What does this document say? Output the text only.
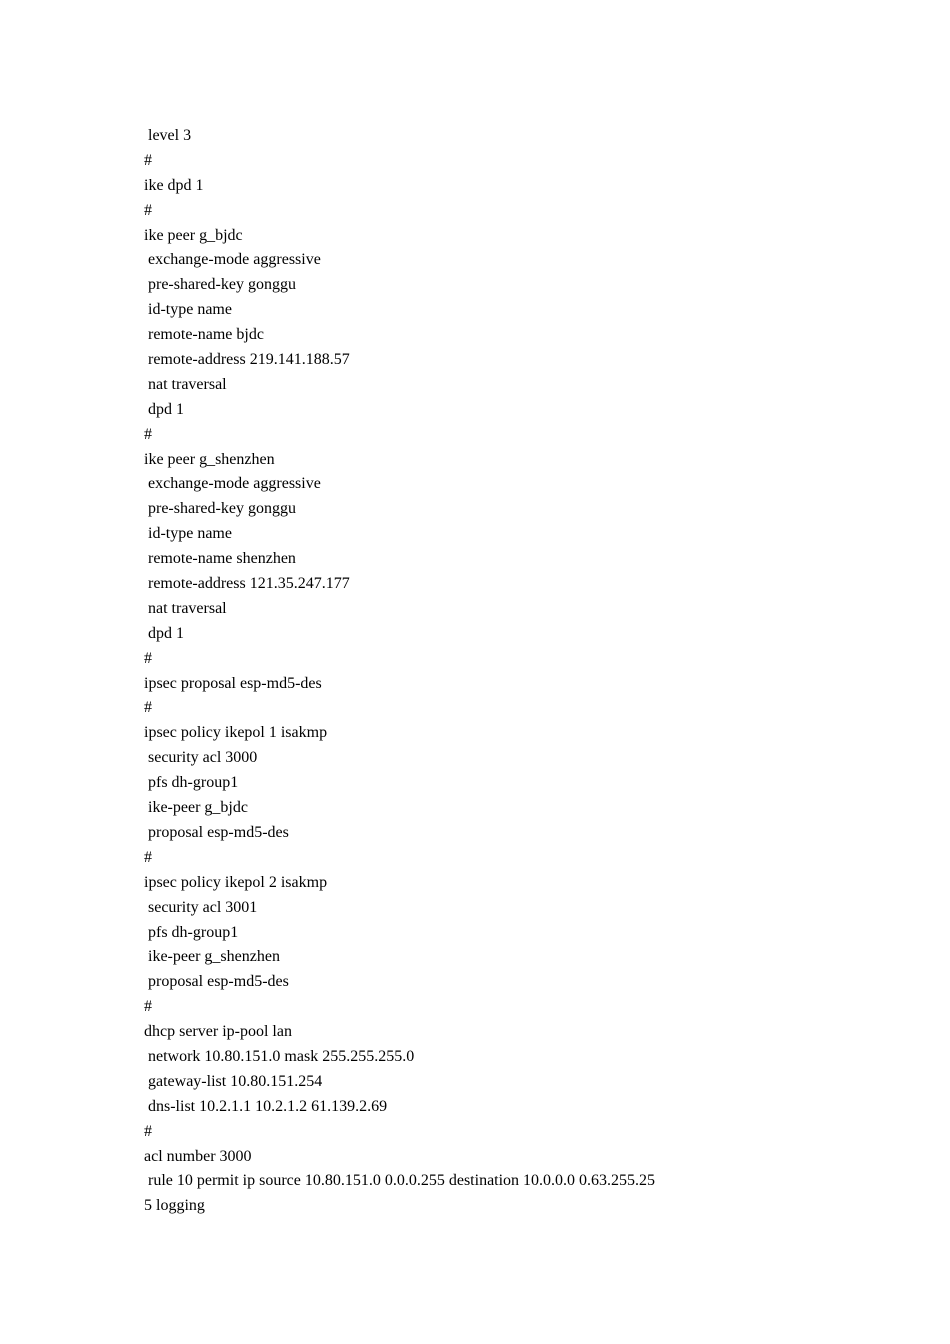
level 3
#
ike dpd 1
#
ike peer g_bjdc
exchange-mode aggressive
pre-shared-key gonggu
id-type name
remote-name bjdc
remote-address 219.141.188.57
nat traversal
dpd 1
#
ike peer g_shenzhen
exchange-mode aggressive
pre-shared-key gonggu
id-type name
remote-name shenzhen
remote-address 121.35.247.177
nat traversal
dpd 1
#
ipsec proposal esp-md5-des
#
ipsec policy ikepol 1 isakmp
security acl 3000
pfs dh-group1
ike-peer g_bjdc
proposal esp-md5-des
#
ipsec policy ikepol 2 isakmp
security acl 3001
pfs dh-group1
ike-peer g_shenzhen
proposal esp-md5-des
#
dhcp server ip-pool lan
network 10.80.151.0 mask 255.255.255.0
gateway-list 10.80.151.254
dns-list 10.2.1.1 10.2.1.2 61.139.2.69
#
acl number 3000
rule 10 permit ip source 10.80.151.0 0.0.0.255 destination 10.0.0.0 0.63.255.25
5 logging
